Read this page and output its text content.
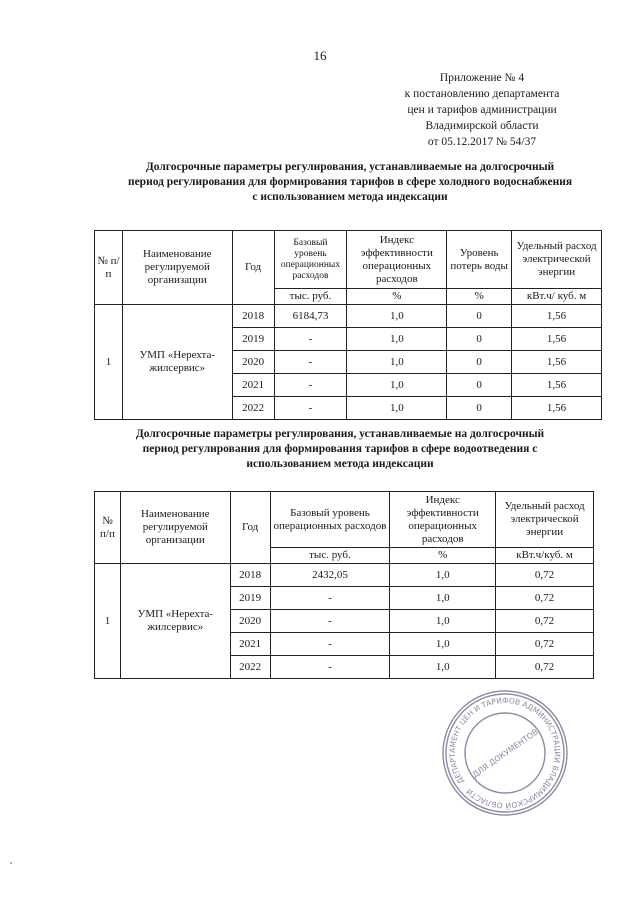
16
Приложение № 4
к постановлению департамента
цен и тарифов администрации
Владимирской области
от 05.12.2017 № 54/37
Долгосрочные параметры регулирования, устанавливаемые на долгосрочный
период регулирования для формирования тарифов в сфере холодного водоснабжения
с использованием метода индексации
№ п/п	Наименование регулируемой организации	Год	Базовый уровень операционных расходов	Индекс эффективности операционных расходов	Уровень потерь воды	Удельный расход электрической энергии
			тыс. руб.	%	%	кВт.ч/ куб. м
1	УМП «Нерехта-жилсервис»	2018	6184,73	1,0	0	1,56
		2019	-	1,0	0	1,56
		2020	-	1,0	0	1,56
		2021	-	1,0	0	1,56
		2022	-	1,0	0	1,56
Долгосрочные параметры регулирования, устанавливаемые на долгосрочный
период регулирования для формирования тарифов в сфере водоотведения с
использованием метода индексации
№ п/п	Наименование регулируемой организации	Год	Базовый уровень операционных расходов	Индекс эффективности операционных расходов	Удельный расход электрической энергии
			тыс. руб.	%	кВт.ч/куб. м
1	УМП «Нерехта-жилсервис»	2018	2432,05	1,0	0,72
		2019	-	1,0	0,72
		2020	-	1,0	0,72
		2021	-	1,0	0,72
		2022	-	1,0	0,72
ДЕПАРТАМЕНТ ЦЕН И ТАРИФОВ АДМИНИСТРАЦИИ ВЛАДИМИРСКОЙ ОБЛАСТИ
ДЛЯ ДОКУМЕНТОВ
